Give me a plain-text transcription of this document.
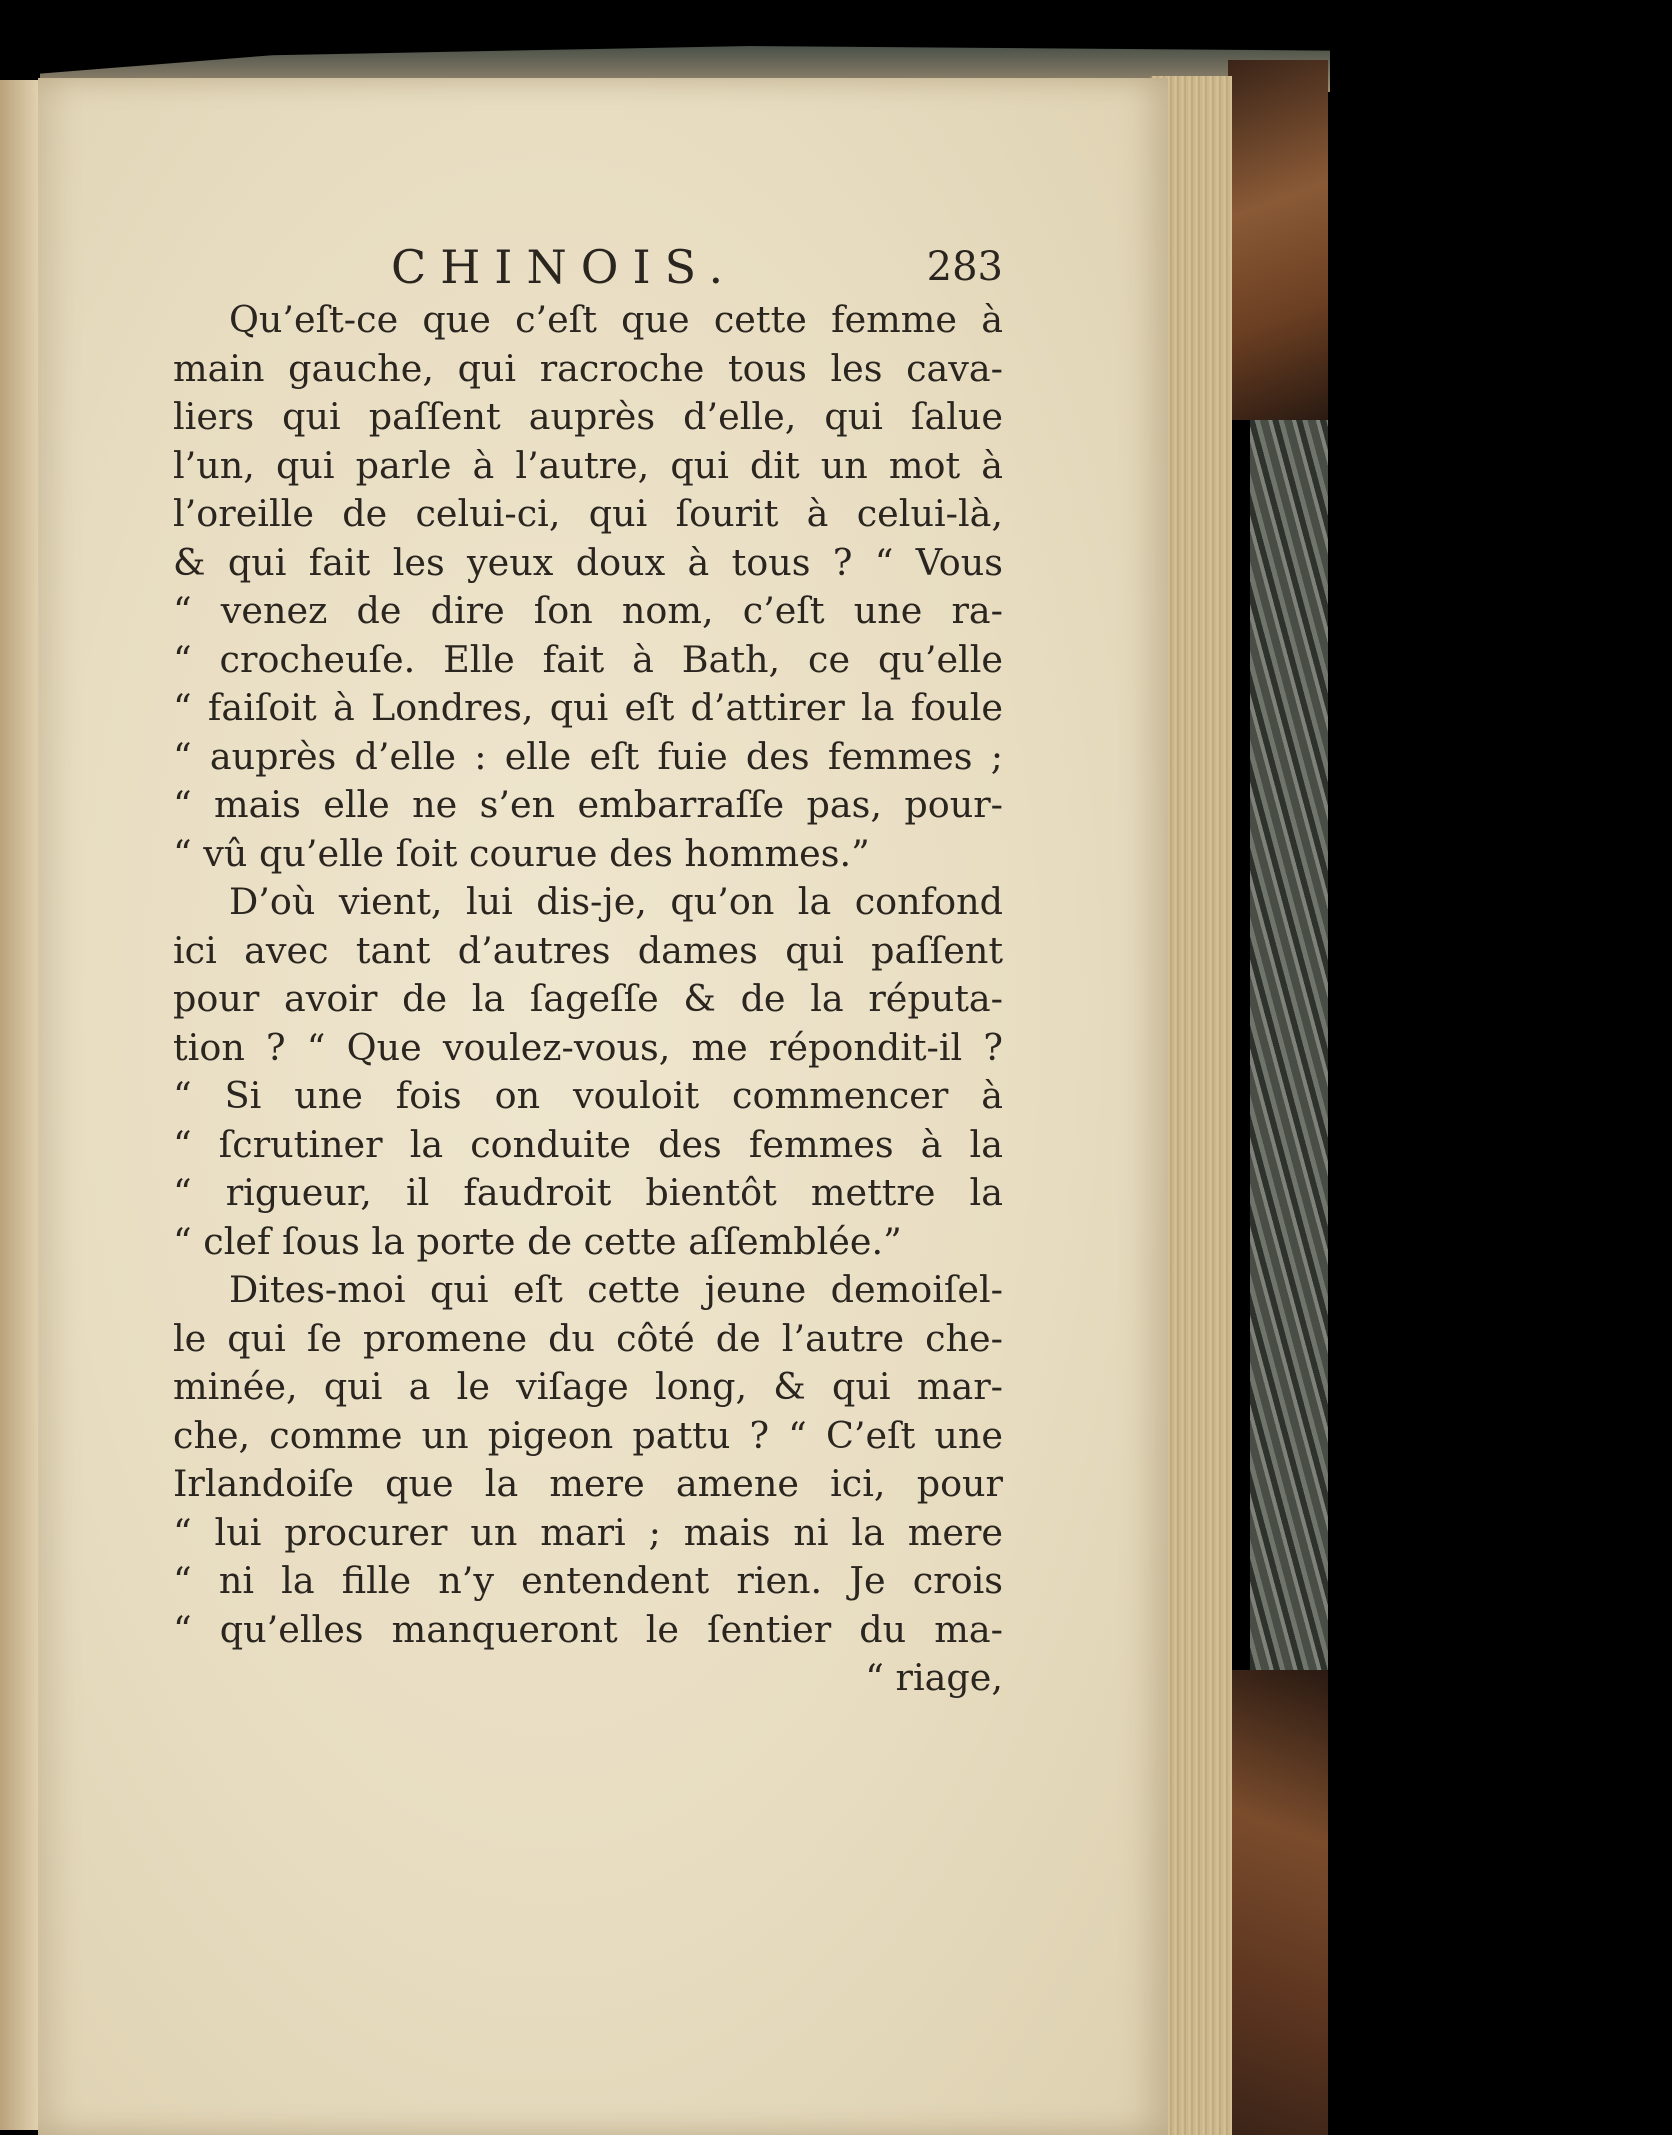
CHINOIS.	283
Qu’eſt-ce que c’eſt que cette femme à
main gauche, qui racroche tous les cava-
liers qui paſſent auprès d’elle, qui ſalue
l’un, qui parle à l’autre, qui dit un mot à
l’oreille de celui-ci, qui ſourit à celui-là,
& qui fait les yeux doux à tous ? “ Vous
“ venez de dire ſon nom, c’eſt une ra-
“ crocheuſe. Elle fait à Bath, ce qu’elle
“ faiſoit à Londres, qui eſt d’attirer la foule
“ auprès d’elle : elle eſt fuie des femmes ;
“ mais elle ne s’en embarraſſe pas, pour-
“ vû qu’elle ſoit courue des hommes.”
D’où vient, lui dis-je, qu’on la confond
ici avec tant d’autres dames qui paſſent
pour avoir de la ſageſſe & de la réputa-
tion ? “ Que voulez-vous, me répondit-il ?
“ Si une fois on vouloit commencer à
“ ſcrutiner la conduite des femmes à la
“ rigueur, il faudroit bientôt mettre la
“ clef ſous la porte de cette aſſemblée.”
Dites-moi qui eſt cette jeune demoiſel-
le qui ſe promene du côté de l’autre che-
minée, qui a le viſage long, & qui mar-
che, comme un pigeon pattu ? “ C’eſt une
Irlandoiſe que la mere amene ici, pour
“ lui procurer un mari ; mais ni la mere
“ ni la fille n’y entendent rien. Je crois
“ qu’elles manqueront le ſentier du ma-
“ riage,
